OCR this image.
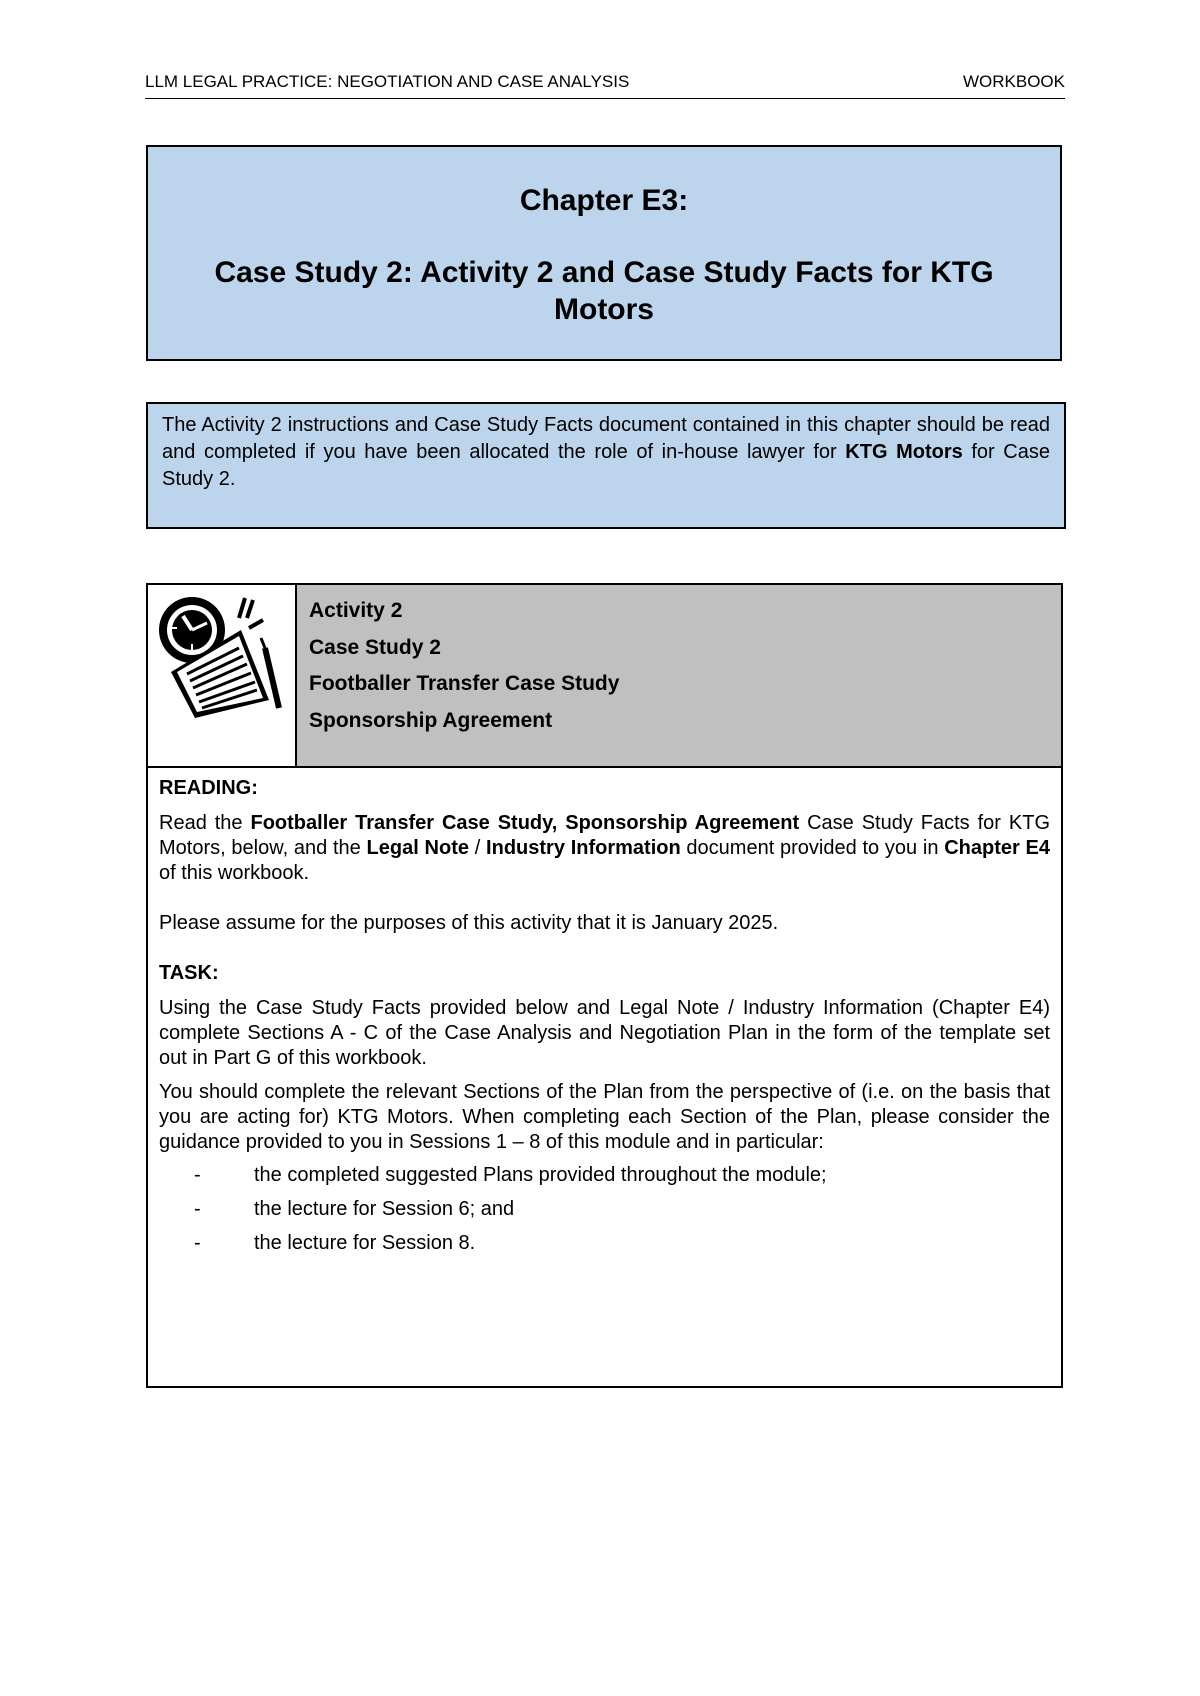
LLM LEGAL PRACTICE: NEGOTIATION AND CASE ANALYSIS	WORKBOOK
Chapter E3:
Case Study 2: Activity 2 and Case Study Facts for KTG Motors
The Activity 2 instructions and Case Study Facts document contained in this chapter should be read and completed if you have been allocated the role of in-house lawyer for KTG Motors for Case Study 2.
Activity 2
Case Study 2
Footballer Transfer Case Study
Sponsorship Agreement

READING:

Read the Footballer Transfer Case Study, Sponsorship Agreement Case Study Facts for KTG Motors, below, and the Legal Note / Industry Information document provided to you in Chapter E4 of this workbook.

Please assume for the purposes of this activity that it is January 2025.

TASK:

Using the Case Study Facts provided below and Legal Note / Industry Information (Chapter E4) complete Sections A - C of the Case Analysis and Negotiation Plan in the form of the template set out in Part G of this workbook.

You should complete the relevant Sections of the Plan from the perspective of (i.e. on the basis that you are acting for) KTG Motors. When completing each Section of the Plan, please consider the guidance provided to you in Sessions 1 – 8 of this module and in particular:

-	the completed suggested Plans provided throughout the module;
-	the lecture for Session 6; and
-	the lecture for Session 8.
